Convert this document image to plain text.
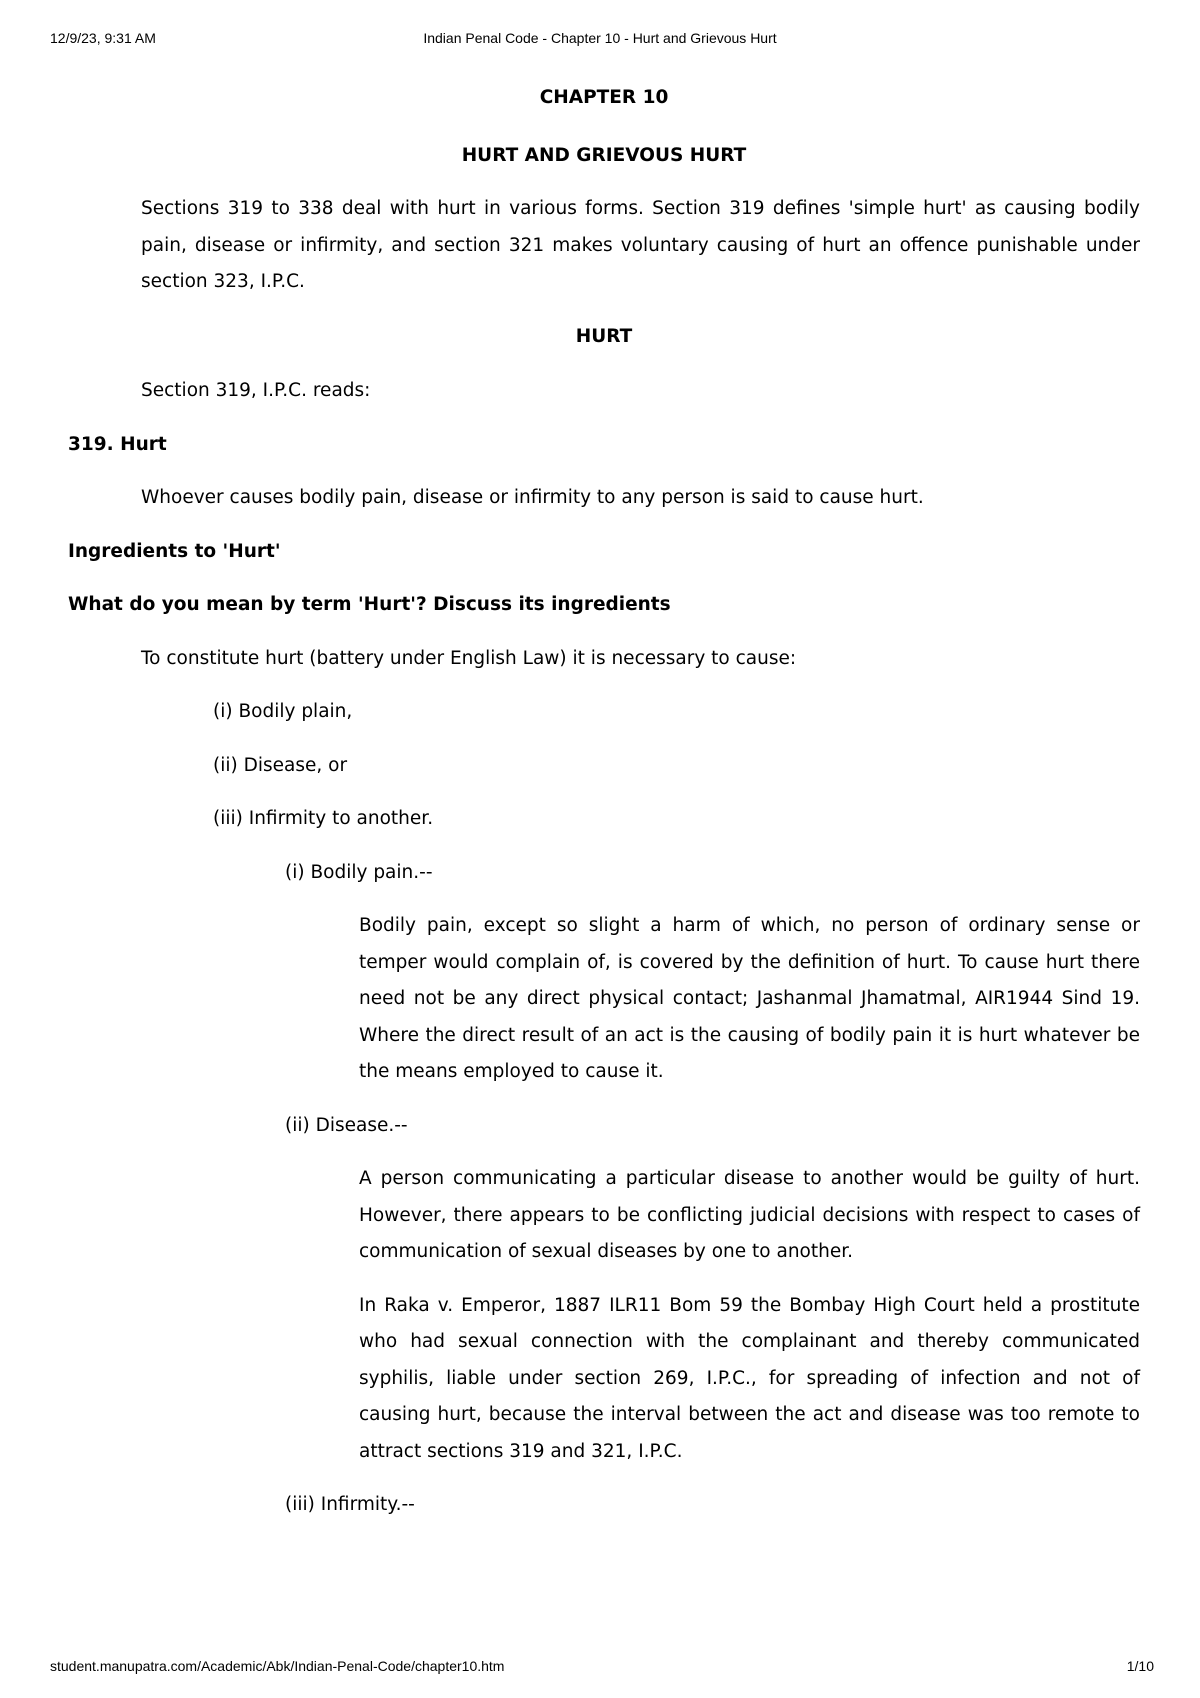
12/9/23, 9:31 AM	Indian Penal Code - Chapter 10 - Hurt and Grievous Hurt
CHAPTER 10
HURT AND GRIEVOUS HURT

Sections 319 to 338 deal with hurt in various forms. Section 319 defines 'simple hurt' as causing bodily pain, disease or infirmity, and section 321 makes voluntary causing of hurt an offence punishable under section 323, I.P.C.

HURT

Section 319, I.P.C. reads:

319. Hurt

Whoever causes bodily pain, disease or infirmity to any person is said to cause hurt.

Ingredients to 'Hurt'

What do you mean by term 'Hurt'? Discuss its ingredients

To constitute hurt (battery under English Law) it is necessary to cause:

(i) Bodily plain,

(ii) Disease, or

(iii) Infirmity to another.

(i) Bodily pain.--

Bodily pain, except so slight a harm of which, no person of ordinary sense or temper would complain of, is covered by the definition of hurt. To cause hurt there need not be any direct physical contact; Jashanmal Jhamatmal, AIR1944 Sind 19. Where the direct result of an act is the causing of bodily pain it is hurt whatever be the means employed to cause it.

(ii) Disease.--

A person communicating a particular disease to another would be guilty of hurt. However, there appears to be conflicting judicial decisions with respect to cases of communication of sexual diseases by one to another.

In Raka v. Emperor, 1887 ILR11 Bom 59 the Bombay High Court held a prostitute who had sexual connection with the complainant and thereby communicated syphilis, liable under section 269, I.P.C., for spreading of infection and not of causing hurt, because the interval between the act and disease was too remote to attract sections 319 and 321, I.P.C.

(iii) Infirmity.--

student.manupatra.com/Academic/Abk/Indian-Penal-Code/chapter10.htm	1/10
